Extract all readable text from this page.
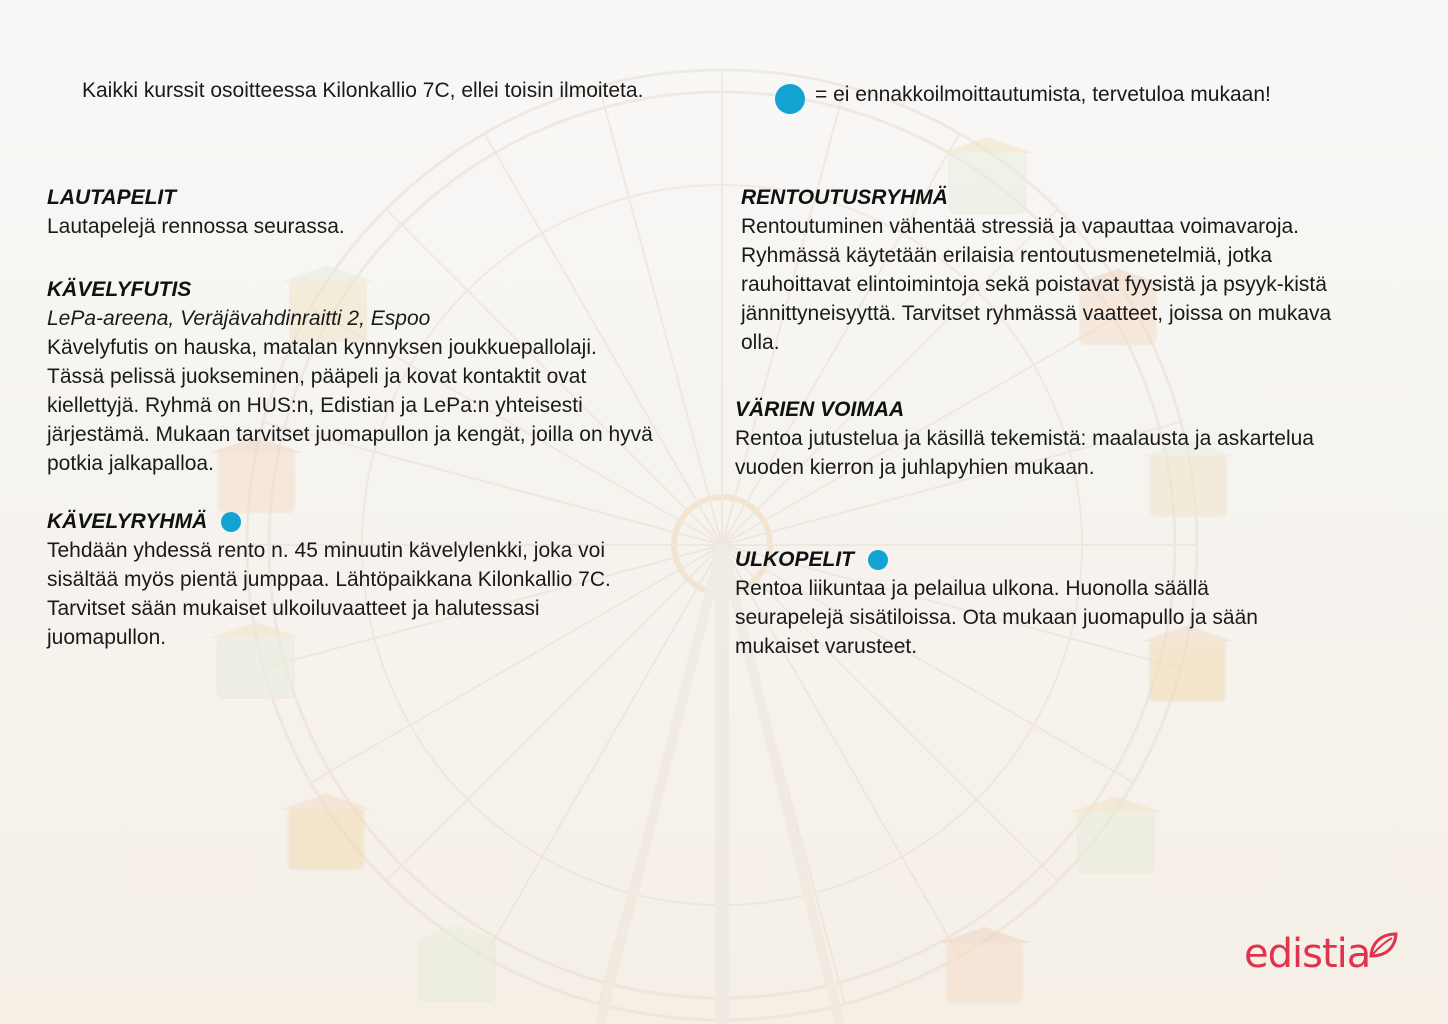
Kaikki kurssit osoitteessa Kilonkallio 7C, ellei toisin ilmoiteta.	= ei ennakkoilmoittautumista, tervetuloa mukaan!
LAUTAPELIT

Lautapelejä rennossa seurassa.

KÄVELYFUTIS
LePa-areena, Veräjävahdinraitti 2, Espoo

Kävelyfutis on hauska, matalan kynnyksen joukkuepallolaji. Tässä pelissä juokseminen, pääpeli ja kovat kontaktit ovat kiellettyjä. Ryhmä on HUS:n, Edistian ja LePa:n yhteisesti järjestämä. Mukaan tarvitset juomapullon ja kengät, joilla on hyvä potkia jalkapalloa.

KÄVELYRYHMÄ

Tehdään yhdessä rento n. 45 minuutin kävelylenkki, joka voi sisältää myös pientä jumppaa. Lähtöpaikkana Kilonkallio 7C. Tarvitset sään mukaiset ulkoiluvaatteet ja halutessasi juomapullon.

RENTOUTUSRYHMÄ

Rentoutuminen vähentää stressiä ja vapauttaa voimavaroja. Ryhmässä käytetään erilaisia rentoutusmenetelmiä, jotka rauhoittavat elintoimintoja sekä poistavat fyysistä ja psyyk-kistä jännittyneisyyttä. Tarvitset ryhmässä vaatteet, joissa on mukava olla.

VÄRIEN VOIMAA

Rentoa jutustelua ja käsillä tekemistä: maalausta ja askartelua vuoden kierron ja juhlapyhien mukaan.

ULKOPELIT

Rentoa liikuntaa ja pelailua ulkona. Huonolla säällä seurapelejä sisätiloissa. Ota mukaan juomapullo ja sään mukaiset varusteet.

edistia
